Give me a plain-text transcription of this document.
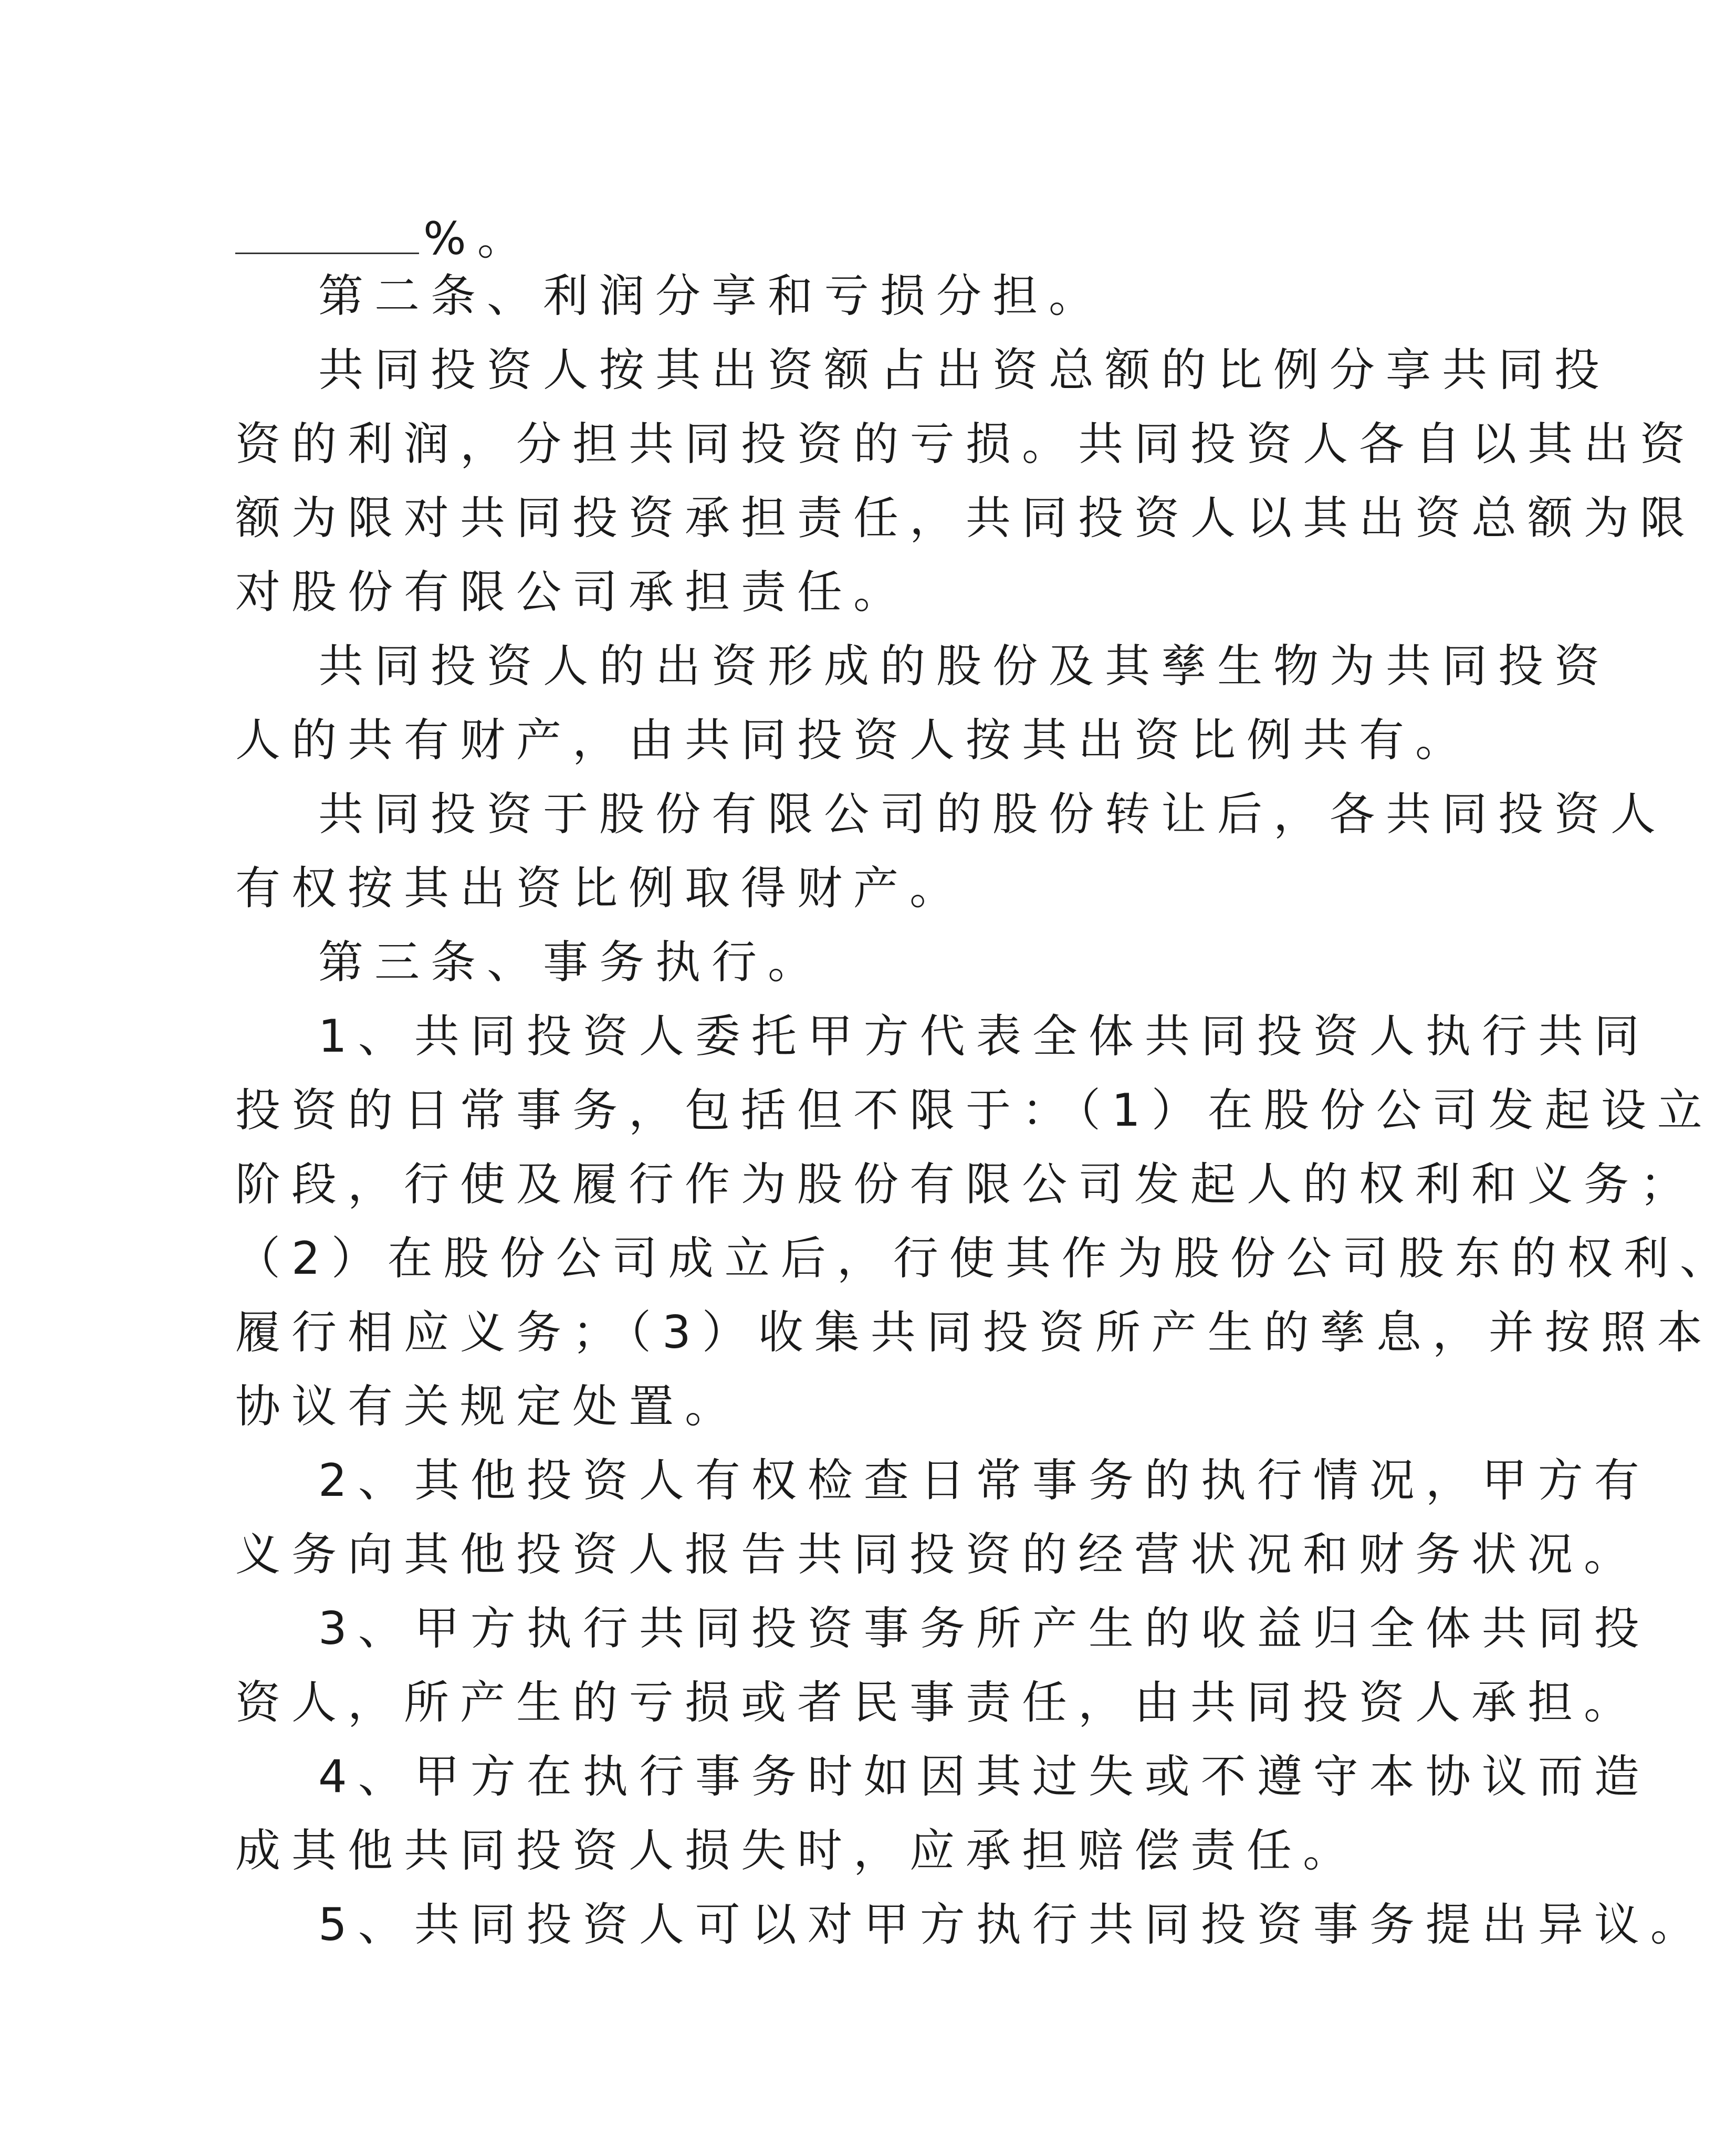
%。
第二条、利润分享和亏损分担。
共同投资人按其出资额占出资总额的比例分享共同投
资的利润，分担共同投资的亏损。共同投资人各自以其出资
额为限对共同投资承担责任，共同投资人以其出资总额为限
对股份有限公司承担责任。
共同投资人的出资形成的股份及其孳生物为共同投资
人的共有财产，由共同投资人按其出资比例共有。
共同投资于股份有限公司的股份转让后，各共同投资人
有权按其出资比例取得财产。
第三条、事务执行。
1、共同投资人委托甲方代表全体共同投资人执行共同
投资的日常事务，包括但不限于：（1）在股份公司发起设立
阶段，行使及履行作为股份有限公司发起人的权利和义务；
（2）在股份公司成立后，行使其作为股份公司股东的权利、
履行相应义务；（3）收集共同投资所产生的孳息，并按照本
协议有关规定处置。
2、其他投资人有权检查日常事务的执行情况，甲方有
义务向其他投资人报告共同投资的经营状况和财务状况。
3、甲方执行共同投资事务所产生的收益归全体共同投
资人，所产生的亏损或者民事责任，由共同投资人承担。
4、甲方在执行事务时如因其过失或不遵守本协议而造
成其他共同投资人损失时，应承担赔偿责任。
5、共同投资人可以对甲方执行共同投资事务提出异议。
